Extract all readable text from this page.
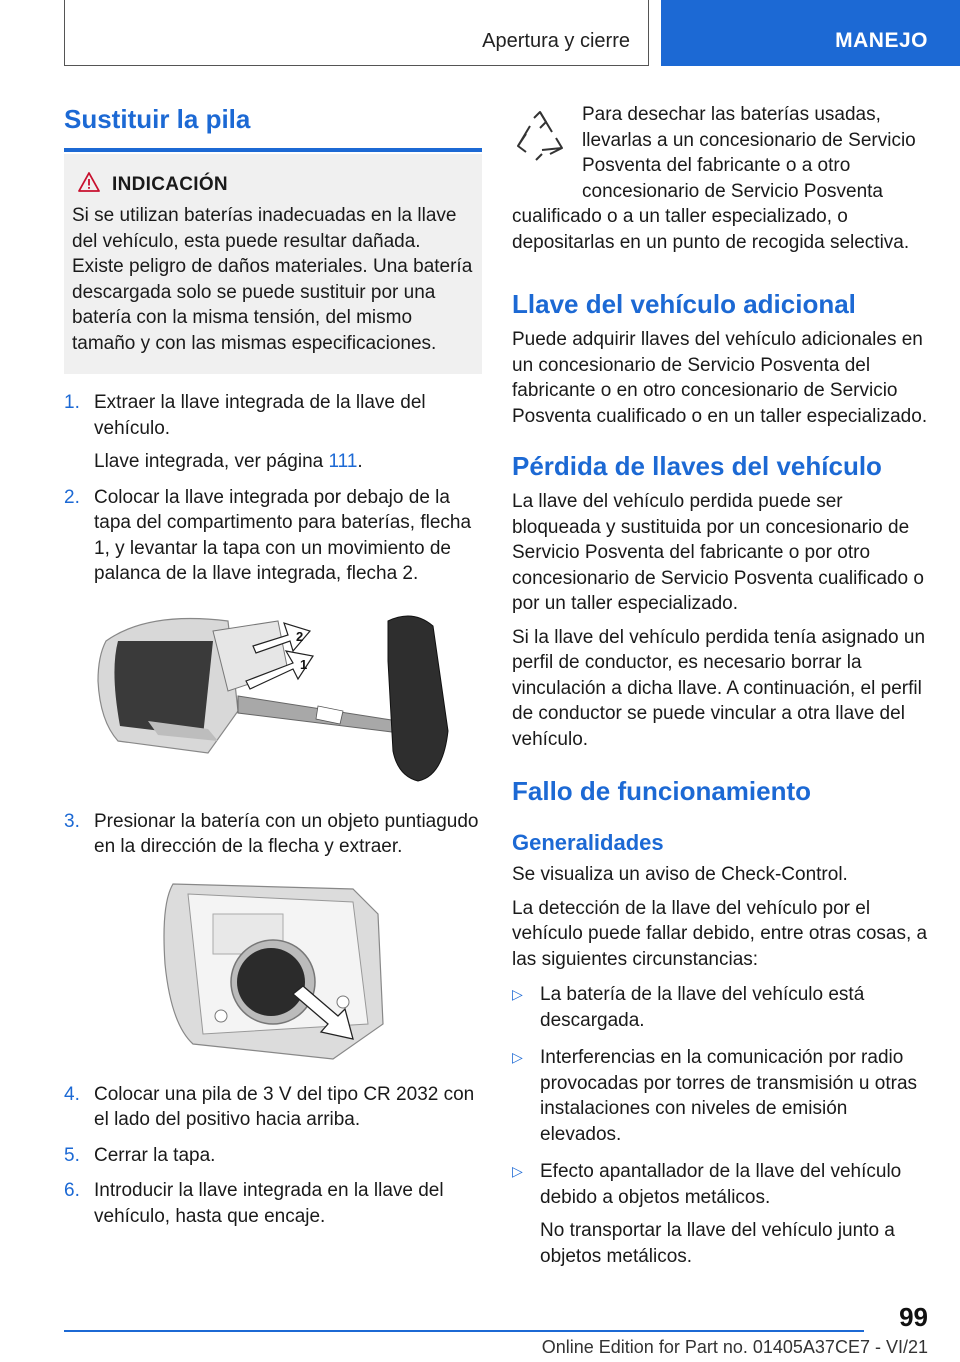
Apertura y cierre	MANEJO
Sustituir la pila
INDICACIÓN

Si se utilizan baterías inadecuadas en la llave del vehículo, esta puede resultar dañada. Existe peligro de daños materiales. Una batería descargada solo se puede sustituir por una batería con la misma tensión, del mismo tamaño y con las mismas especificaciones.

1. Extraer la llave integrada de la llave del vehículo.

Llave integrada, ver página 111.

2. Colocar la llave integrada por debajo de la tapa del compartimento para baterías, flecha 1, y levantar la tapa con un movimiento de palanca de la llave integrada, flecha 2.

1
2
3. Presionar la batería con un objeto puntiagudo en la dirección de la flecha y extraer.

4. Colocar una pila de 3 V del tipo CR 2032 con el lado del positivo hacia arriba.

5. Cerrar la tapa.

6. Introducir la llave integrada en la llave del vehículo, hasta que encaje.

Para desechar las baterías usadas, llevarlas a un concesionario de Servicio Posventa del fabricante o a otro concesionario de Servicio Posventa cualificado o a un taller especializado, o depositarlas en un punto de recogida selectiva.

Llave del vehículo adicional

Puede adquirir llaves del vehículo adicionales en un concesionario de Servicio Posventa del fabricante o en otro concesionario de Servicio Posventa cualificado o en un taller especializado.

Pérdida de llaves del vehículo

La llave del vehículo perdida puede ser bloqueada y sustituida por un concesionario de Servicio Posventa del fabricante o por otro concesionario de Servicio Posventa cualificado o por un taller especializado.

Si la llave del vehículo perdida tenía asignado un perfil de conductor, es necesario borrar la vinculación a dicha llave. A continuación, el perfil de conductor se puede vincular a otra llave del vehículo.

Fallo de funcionamiento
Generalidades

Se visualiza un aviso de Check-Control.

La detección de la llave del vehículo por el vehículo puede fallar debido, entre otras cosas, a las siguientes circunstancias:

▷ La batería de la llave del vehículo está descargada.

▷ Interferencias en la comunicación por radio provocadas por torres de transmisión u otras instalaciones con niveles de emisión elevados.

▷ Efecto apantallador de la llave del vehículo debido a objetos metálicos.

No transportar la llave del vehículo junto a objetos metálicos.

99
Online Edition for Part no. 01405A37CE7 - VI/21
